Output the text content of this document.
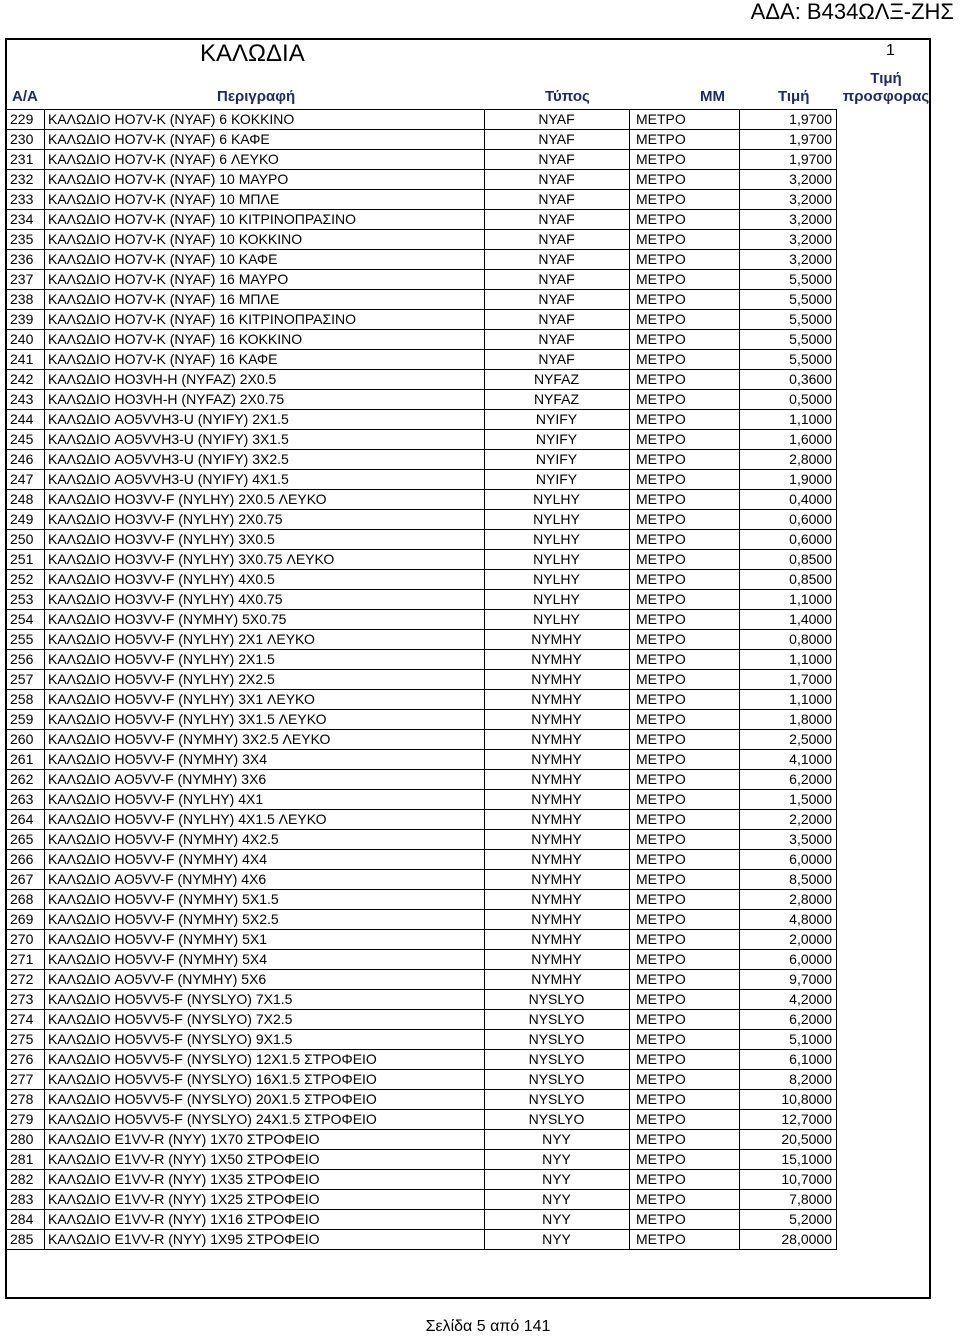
ΑΔΑ: Β434ΩΛΞ-ΖΗΣ
ΚΑΛΩΔΙΑ	1
Α/Α	Περιγραφή	Τύπος	ΜΜ	Τιμή
Τιμή
προσφορας
229	ΚΑΛΩΔΙΟ HO7V-K (NYAF) 6 ΚΟΚΚΙΝΟ	NYAF	ΜΕΤΡΟ	1,9700
230	ΚΑΛΩΔΙΟ HO7V-K (NYAF) 6 ΚΑΦΕ	NYAF	ΜΕΤΡΟ	1,9700
231	ΚΑΛΩΔΙΟ HO7V-K (NYAF) 6 ΛΕΥΚΟ	NYAF	ΜΕΤΡΟ	1,9700
232	ΚΑΛΩΔΙΟ HO7V-K (NYAF) 10 ΜΑΥΡΟ	NYAF	ΜΕΤΡΟ	3,2000
233	ΚΑΛΩΔΙΟ HO7V-K (NYAF) 10 ΜΠΛΕ	NYAF	ΜΕΤΡΟ	3,2000
234	ΚΑΛΩΔΙΟ HO7V-K (NYAF) 10 ΚΙΤΡΙΝΟΠΡΑΣΙΝΟ	NYAF	ΜΕΤΡΟ	3,2000
235	ΚΑΛΩΔΙΟ HO7V-K (NYAF) 10 ΚΟΚΚΙΝΟ	NYAF	ΜΕΤΡΟ	3,2000
236	ΚΑΛΩΔΙΟ HO7V-K (NYAF) 10 ΚΑΦΕ	NYAF	ΜΕΤΡΟ	3,2000
237	ΚΑΛΩΔΙΟ HO7V-K (NYAF) 16 ΜΑΥΡΟ	NYAF	ΜΕΤΡΟ	5,5000
238	ΚΑΛΩΔΙΟ HO7V-K (NYAF) 16 ΜΠΛΕ	NYAF	ΜΕΤΡΟ	5,5000
239	ΚΑΛΩΔΙΟ HO7V-K (NYAF) 16 ΚΙΤΡΙΝΟΠΡΑΣΙΝΟ	NYAF	ΜΕΤΡΟ	5,5000
240	ΚΑΛΩΔΙΟ HO7V-K (NYAF) 16 ΚΟΚΚΙΝΟ	NYAF	ΜΕΤΡΟ	5,5000
241	ΚΑΛΩΔΙΟ HO7V-K (NYAF) 16 ΚΑΦΕ	NYAF	ΜΕΤΡΟ	5,5000
242	ΚΑΛΩΔΙΟ HO3VH-H (NYFAZ) 2X0.5	NYFAZ	ΜΕΤΡΟ	0,3600
243	ΚΑΛΩΔΙΟ HO3VH-H (NYFAZ) 2X0.75	NYFAZ	ΜΕΤΡΟ	0,5000
244	ΚΑΛΩΔΙΟ AO5VVH3-U (NYIFY) 2X1.5	NYIFY	ΜΕΤΡΟ	1,1000
245	ΚΑΛΩΔΙΟ AO5VVH3-U (NYIFY) 3X1.5	NYIFY	ΜΕΤΡΟ	1,6000
246	ΚΑΛΩΔΙΟ AO5VVH3-U (NYIFY) 3X2.5	NYIFY	ΜΕΤΡΟ	2,8000
247	ΚΑΛΩΔΙΟ AO5VVH3-U (NYIFY) 4X1.5	NYIFY	ΜΕΤΡΟ	1,9000
248	ΚΑΛΩΔΙΟ HO3VV-F (NYLHY) 2X0.5 ΛΕΥΚΟ	NYLHY	ΜΕΤΡΟ	0,4000
249	ΚΑΛΩΔΙΟ HO3VV-F (NYLHY) 2X0.75	NYLHY	ΜΕΤΡΟ	0,6000
250	ΚΑΛΩΔΙΟ HO3VV-F (NYLHY) 3X0.5	NYLHY	ΜΕΤΡΟ	0,6000
251	ΚΑΛΩΔΙΟ HO3VV-F (NYLHY) 3X0.75 ΛΕΥΚΟ	NYLHY	ΜΕΤΡΟ	0,8500
252	ΚΑΛΩΔΙΟ HO3VV-F (NYLHY) 4X0.5	NYLHY	ΜΕΤΡΟ	0,8500
253	ΚΑΛΩΔΙΟ HO3VV-F (NYLHY) 4X0.75	NYLHY	ΜΕΤΡΟ	1,1000
254	ΚΑΛΩΔΙΟ HO3VV-F (NYMHY) 5X0.75	NYLHY	ΜΕΤΡΟ	1,4000
255	ΚΑΛΩΔΙΟ HO5VV-F (NYLHY) 2X1 ΛΕΥΚΟ	NYMHY	ΜΕΤΡΟ	0,8000
256	ΚΑΛΩΔΙΟ HO5VV-F (NYLHY) 2X1.5	NYMHY	ΜΕΤΡΟ	1,1000
257	ΚΑΛΩΔΙΟ HO5VV-F (NYLHY) 2X2.5	NYMHY	ΜΕΤΡΟ	1,7000
258	ΚΑΛΩΔΙΟ HO5VV-F (NYLHY) 3X1 ΛΕΥΚΟ	NYMHY	ΜΕΤΡΟ	1,1000
259	ΚΑΛΩΔΙΟ HO5VV-F (NYLHY) 3X1.5 ΛΕΥΚΟ	NYMHY	ΜΕΤΡΟ	1,8000
260	ΚΑΛΩΔΙΟ HO5VV-F (NYMHY) 3X2.5 ΛΕΥΚΟ	NYMHY	ΜΕΤΡΟ	2,5000
261	ΚΑΛΩΔΙΟ HO5VV-F (NYMHY) 3X4	NYMHY	ΜΕΤΡΟ	4,1000
262	ΚΑΛΩΔΙΟ AO5VV-F (NYMHY) 3X6	NYMHY	ΜΕΤΡΟ	6,2000
263	ΚΑΛΩΔΙΟ HO5VV-F (NYLHY) 4X1	NYMHY	ΜΕΤΡΟ	1,5000
264	ΚΑΛΩΔΙΟ HO5VV-F (NYLHY) 4X1.5 ΛΕΥΚΟ	NYMHY	ΜΕΤΡΟ	2,2000
265	ΚΑΛΩΔΙΟ HO5VV-F (NYMHY) 4X2.5	NYMHY	ΜΕΤΡΟ	3,5000
266	ΚΑΛΩΔΙΟ HO5VV-F (NYMHY) 4X4	NYMHY	ΜΕΤΡΟ	6,0000
267	ΚΑΛΩΔΙΟ AO5VV-F (NYMHY) 4X6	NYMHY	ΜΕΤΡΟ	8,5000
268	ΚΑΛΩΔΙΟ HO5VV-F (NYMHY) 5X1.5	NYMHY	ΜΕΤΡΟ	2,8000
269	ΚΑΛΩΔΙΟ HO5VV-F (NYMHY) 5X2.5	NYMHY	ΜΕΤΡΟ	4,8000
270	ΚΑΛΩΔΙΟ HO5VV-F (NYMHY) 5X1	NYMHY	ΜΕΤΡΟ	2,0000
271	ΚΑΛΩΔΙΟ HO5VV-F (NYMHY) 5X4	NYMHY	ΜΕΤΡΟ	6,0000
272	ΚΑΛΩΔΙΟ AO5VV-F (NYMHY) 5X6	NYMHY	ΜΕΤΡΟ	9,7000
273	ΚΑΛΩΔΙΟ HO5VV5-F (NYSLYO) 7X1.5	NYSLYO	ΜΕΤΡΟ	4,2000
274	ΚΑΛΩΔΙΟ HO5VV5-F (NYSLYO) 7X2.5	NYSLYO	ΜΕΤΡΟ	6,2000
275	ΚΑΛΩΔΙΟ HO5VV5-F (NYSLYO) 9X1.5	NYSLYO	ΜΕΤΡΟ	5,1000
276	ΚΑΛΩΔΙΟ HO5VV5-F (NYSLYO) 12X1.5 ΣΤΡΟΦΕΙΟ	NYSLYO	ΜΕΤΡΟ	6,1000
277	ΚΑΛΩΔΙΟ HO5VV5-F (NYSLYO) 16X1.5 ΣΤΡΟΦΕΙΟ	NYSLYO	ΜΕΤΡΟ	8,2000
278	ΚΑΛΩΔΙΟ HO5VV5-F (NYSLYO) 20X1.5 ΣΤΡΟΦΕΙΟ	NYSLYO	ΜΕΤΡΟ	10,8000
279	ΚΑΛΩΔΙΟ HO5VV5-F (NYSLYO) 24X1.5 ΣΤΡΟΦΕΙΟ	NYSLYO	ΜΕΤΡΟ	12,7000
280	ΚΑΛΩΔΙΟ E1VV-R (NYY) 1X70 ΣΤΡΟΦΕΙΟ	NYY	ΜΕΤΡΟ	20,5000
281	ΚΑΛΩΔΙΟ E1VV-R (NYY) 1X50 ΣΤΡΟΦΕΙΟ	NYY	ΜΕΤΡΟ	15,1000
282	ΚΑΛΩΔΙΟ E1VV-R (NYY) 1X35 ΣΤΡΟΦΕΙΟ	NYY	ΜΕΤΡΟ	10,7000
283	ΚΑΛΩΔΙΟ E1VV-R (NYY) 1X25 ΣΤΡΟΦΕΙΟ	NYY	ΜΕΤΡΟ	7,8000
284	ΚΑΛΩΔΙΟ E1VV-R (NYY) 1X16 ΣΤΡΟΦΕΙΟ	NYY	ΜΕΤΡΟ	5,2000
285	ΚΑΛΩΔΙΟ E1VV-R (NYY) 1X95 ΣΤΡΟΦΕΙΟ	NYY	ΜΕΤΡΟ	28,0000
Σελίδα 5 από 141
